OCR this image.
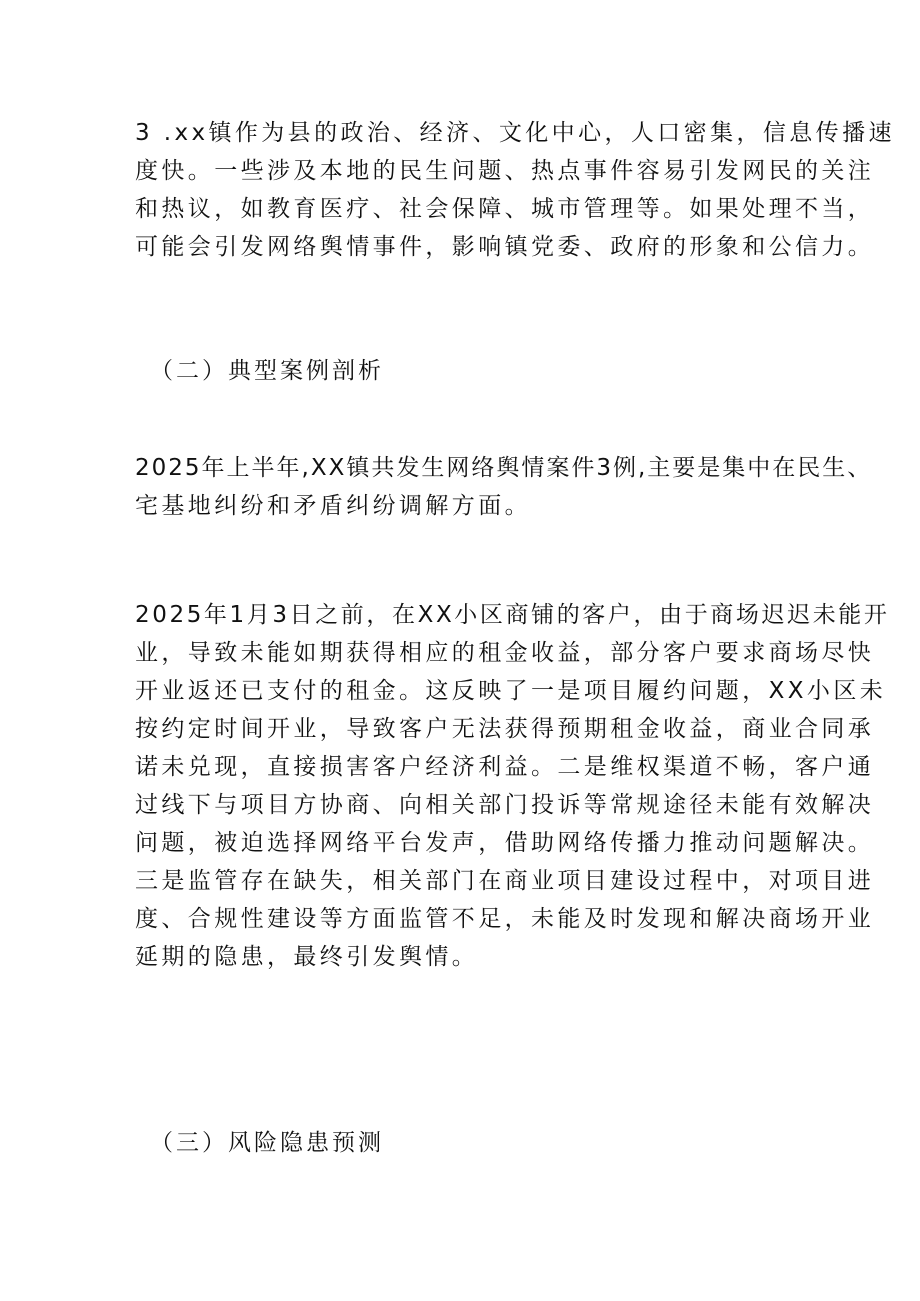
3 .xx镇作为县的政治、经济、文化中心，人口密集，信息传播速
度快。一些涉及本地的民生问题、热点事件容易引发网民的关注
和热议，如教育医疗、社会保障、城市管理等。如果处理不当，
可能会引发网络舆情事件，影响镇党委、政府的形象和公信力。
（二）典型案例剖析
2025年上半年,XX镇共发生网络舆情案件3例,主要是集中在民生、
宅基地纠纷和矛盾纠纷调解方面。
2025年1月3日之前，在XX小区商铺的客户，由于商场迟迟未能开
业，导致未能如期获得相应的租金收益，部分客户要求商场尽快
开业返还已支付的租金。这反映了一是项目履约问题，XX小区未
按约定时间开业，导致客户无法获得预期租金收益，商业合同承
诺未兑现，直接损害客户经济利益。二是维权渠道不畅，客户通
过线下与项目方协商、向相关部门投诉等常规途径未能有效解决
问题，被迫选择网络平台发声，借助网络传播力推动问题解决。
三是监管存在缺失，相关部门在商业项目建设过程中，对项目进
度、合规性建设等方面监管不足，未能及时发现和解决商场开业
延期的隐患，最终引发舆情。
（三）风险隐患预测
